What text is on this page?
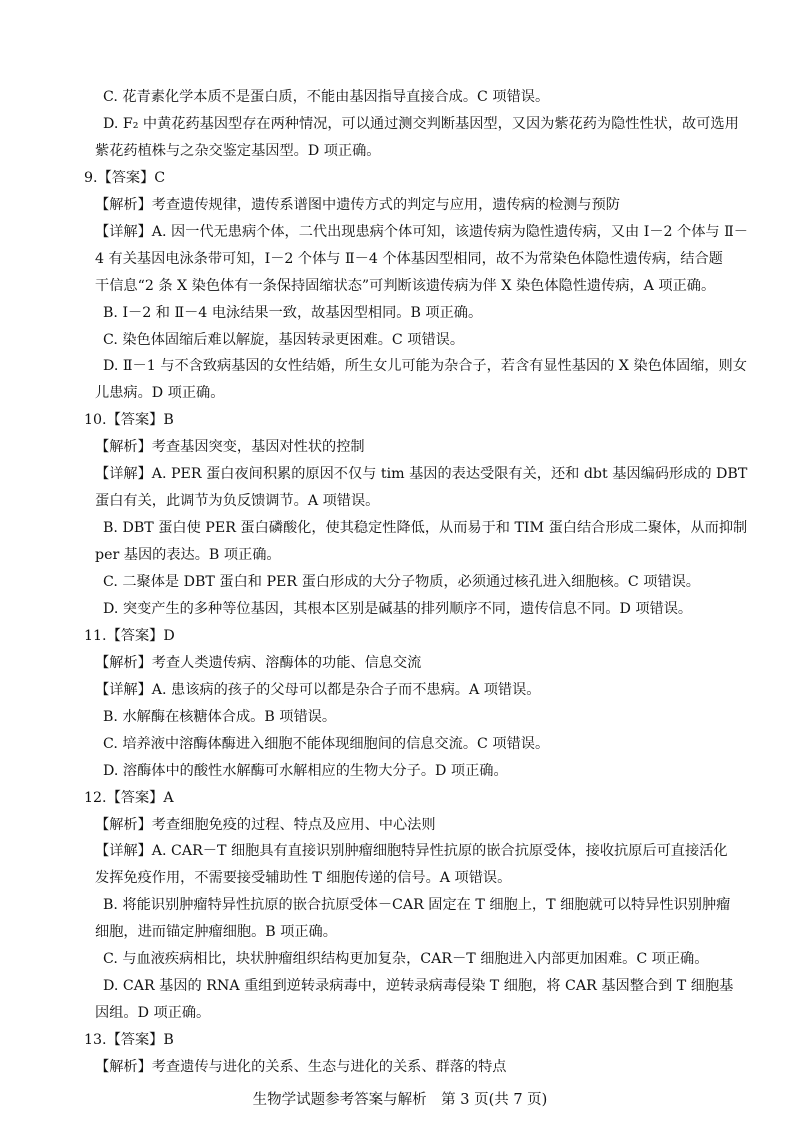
C. 花青素化学本质不是蛋白质，不能由基因指导直接合成。C 项错误。

D. F₂ 中黄花药基因型存在两种情况，可以通过测交判断基因型，又因为紫花药为隐性性状，故可选用

紫花药植株与之杂交鉴定基因型。D 项正确。

9.【答案】C

【解析】考查遗传规律，遗传系谱图中遗传方式的判定与应用，遗传病的检测与预防

【详解】A. 因一代无患病个体，二代出现患病个体可知，该遗传病为隐性遗传病，又由 Ⅰ－2 个体与 Ⅱ－

4 有关基因电泳条带可知，Ⅰ－2 个体与 Ⅱ－4 个体基因型相同，故不为常染色体隐性遗传病，结合题

干信息“2 条 X 染色体有一条保持固缩状态”可判断该遗传病为伴 X 染色体隐性遗传病，A 项正确。

B. Ⅰ－2 和 Ⅱ－4 电泳结果一致，故基因型相同。B 项正确。

C. 染色体固缩后难以解旋，基因转录更困难。C 项错误。

D. Ⅱ－1 与不含致病基因的女性结婚，所生女儿可能为杂合子，若含有显性基因的 X 染色体固缩，则女

儿患病。D 项正确。

10.【答案】B

【解析】考查基因突变，基因对性状的控制

【详解】A. PER 蛋白夜间积累的原因不仅与 tim 基因的表达受限有关，还和 dbt 基因编码形成的 DBT

蛋白有关，此调节为负反馈调节。A 项错误。

B. DBT 蛋白使 PER 蛋白磷酸化，使其稳定性降低，从而易于和 TIM 蛋白结合形成二聚体，从而抑制

per 基因的表达。B 项正确。

C. 二聚体是 DBT 蛋白和 PER 蛋白形成的大分子物质，必须通过核孔进入细胞核。C 项错误。

D. 突变产生的多种等位基因，其根本区别是碱基的排列顺序不同，遗传信息不同。D 项错误。

11.【答案】D

【解析】考查人类遗传病、溶酶体的功能、信息交流

【详解】A. 患该病的孩子的父母可以都是杂合子而不患病。A 项错误。

B. 水解酶在核糖体合成。B 项错误。

C. 培养液中溶酶体酶进入细胞不能体现细胞间的信息交流。C 项错误。

D. 溶酶体中的酸性水解酶可水解相应的生物大分子。D 项正确。

12.【答案】A

【解析】考查细胞免疫的过程、特点及应用、中心法则

【详解】A. CAR－T 细胞具有直接识别肿瘤细胞特异性抗原的嵌合抗原受体，接收抗原后可直接活化

发挥免疫作用，不需要接受辅助性 T 细胞传递的信号。A 项错误。

B. 将能识别肿瘤特异性抗原的嵌合抗原受体－CAR 固定在 T 细胞上，T 细胞就可以特异性识别肿瘤

细胞，进而锚定肿瘤细胞。B 项正确。

C. 与血液疾病相比，块状肿瘤组织结构更加复杂，CAR－T 细胞进入内部更加困难。C 项正确。

D. CAR 基因的 RNA 重组到逆转录病毒中，逆转录病毒侵染 T 细胞，将 CAR 基因整合到 T 细胞基

因组。D 项正确。

13.【答案】B

【解析】考查遗传与进化的关系、生态与进化的关系、群落的特点

生物学试题参考答案与解析　第 3 页(共 7 页)
